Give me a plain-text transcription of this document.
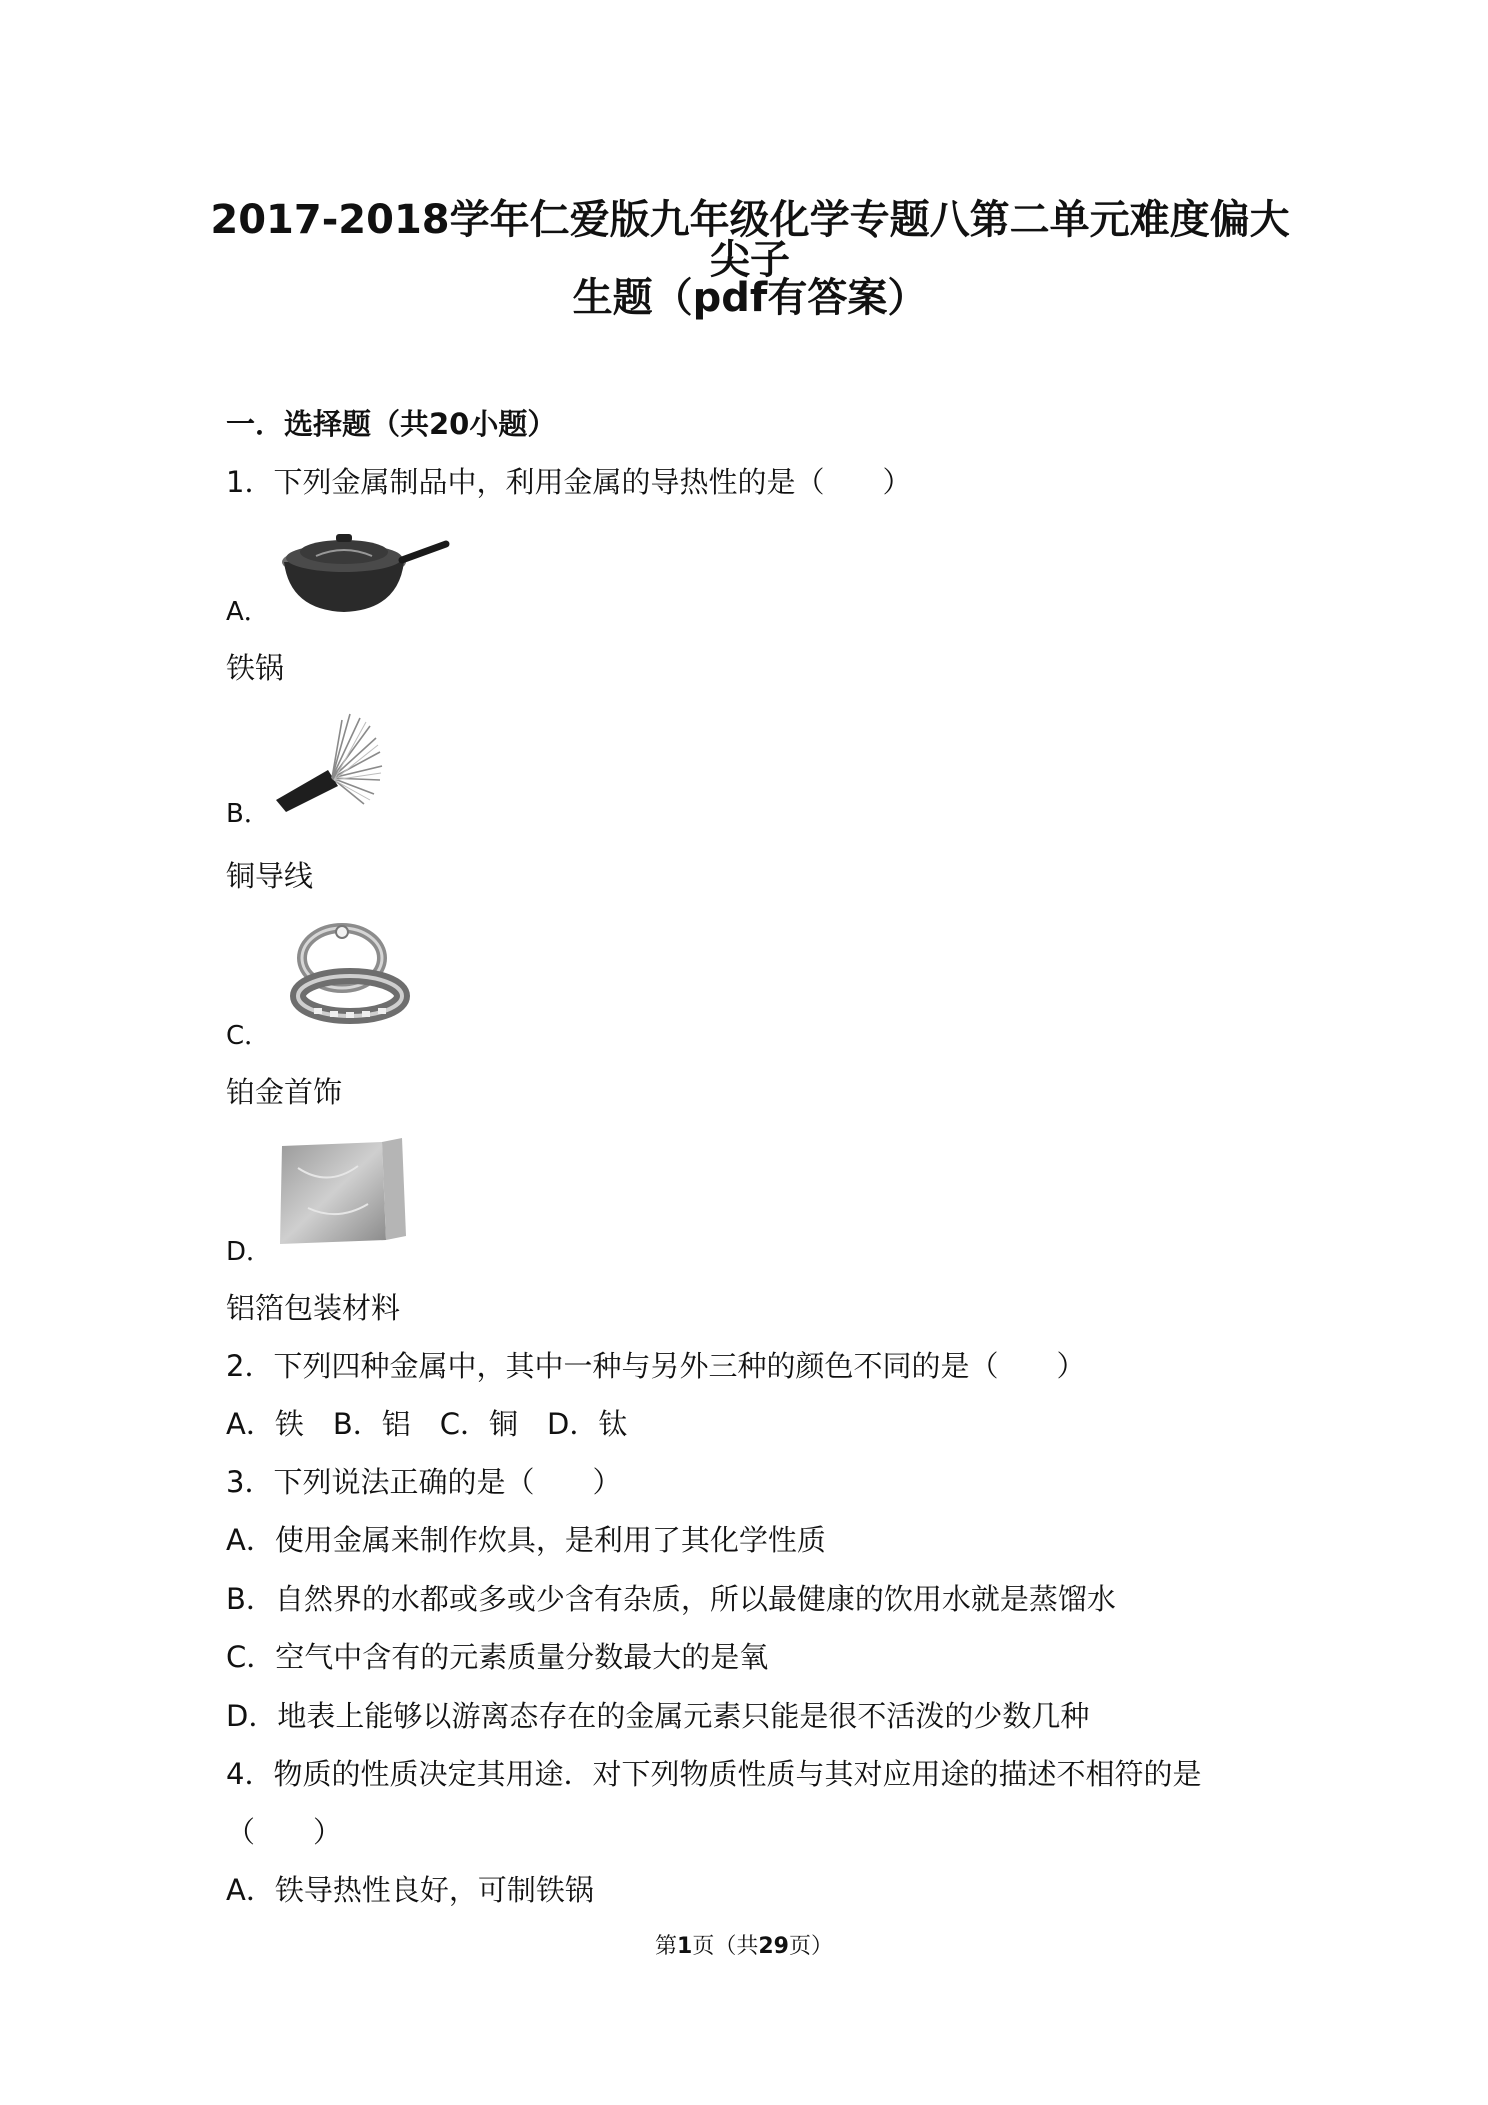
2017-2018学年仁爱版九年级化学专题八第二单元难度偏大尖子
生题（pdf有答案）
一．选择题（共20小题）
1．下列金属制品中，利用金属的导热性的是（　　）
A．
铁锅
B．
铜导线
C．
铂金首饰
D．
铝箔包装材料
2．下列四种金属中，其中一种与另外三种的颜色不同的是（　　）
A．铁　B．铝　C．铜　D．钛
3．下列说法正确的是（　　）
A．使用金属来制作炊具，是利用了其化学性质
B．自然界的水都或多或少含有杂质，所以最健康的饮用水就是蒸馏水
C．空气中含有的元素质量分数最大的是氧
D．地表上能够以游离态存在的金属元素只能是很不活泼的少数几种
4．物质的性质决定其用途．对下列物质性质与其对应用途的描述不相符的是
（　　）
A．铁导热性良好，可制铁锅
第1页（共29页）
